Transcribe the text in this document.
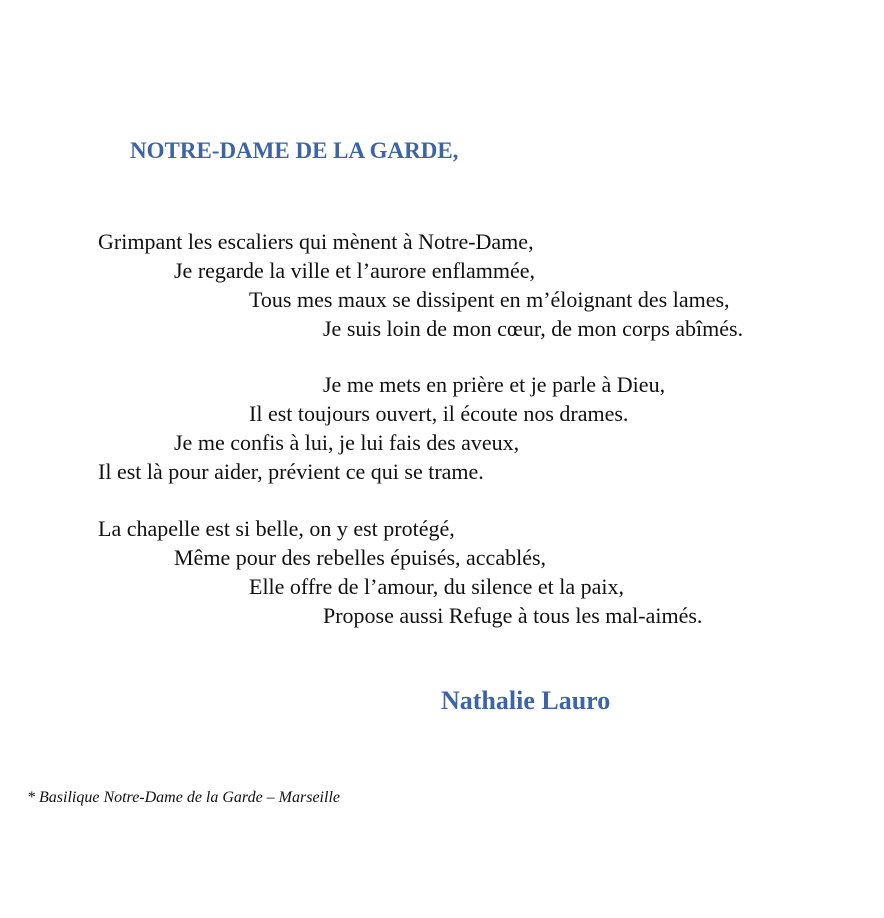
NOTRE-DAME DE LA GARDE,
Grimpant les escaliers qui mènent à Notre-Dame,
Je regarde la ville et l’aurore enflammée,
Tous mes maux se dissipent en m’éloignant des lames,
Je suis loin de mon cœur, de mon corps abîmés.
Je me mets en prière et je parle à Dieu,
Il est toujours ouvert, il écoute nos drames.
Je me confis à lui, je lui fais des aveux,
Il est là pour aider, prévient ce qui se trame.
La chapelle est si belle, on y est protégé,
Même pour des rebelles épuisés, accablés,
Elle offre de l’amour, du silence et la paix,
Propose aussi Refuge à tous les mal-aimés.
Nathalie Lauro
* Basilique Notre-Dame de la Garde – Marseille
